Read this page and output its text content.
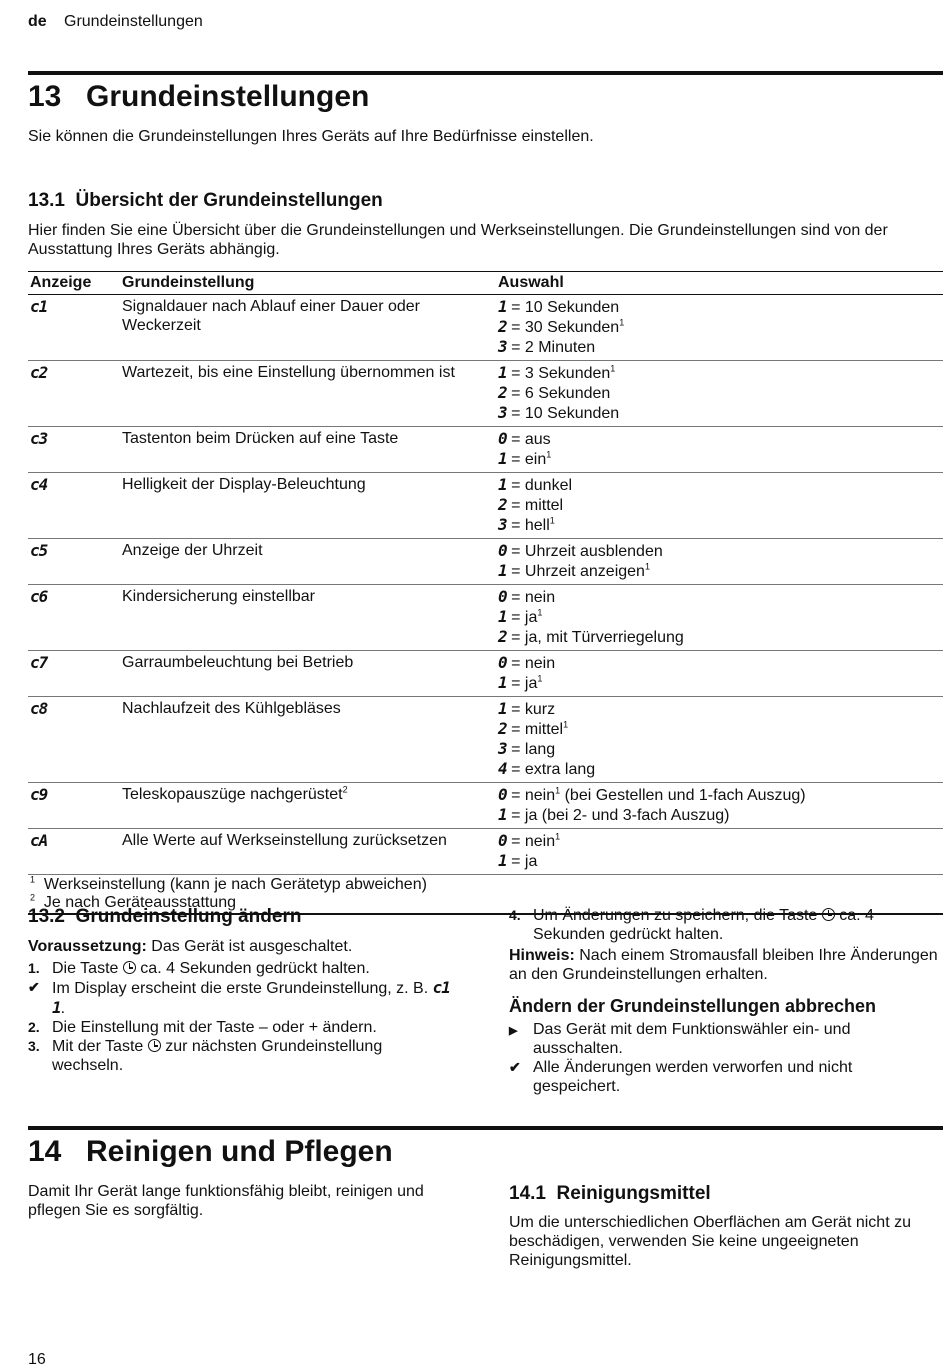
de Grundeinstellungen
13 Grundeinstellungen

Sie können die Grundeinstellungen Ihres Geräts auf Ihre Bedürfnisse einstellen.

13.1 Übersicht der Grundeinstellungen

Hier finden Sie eine Übersicht über die Grundeinstellungen und Werkseinstellungen. Die Grundeinstellungen sind von der Ausstattung Ihres Geräts abhängig.

Anzeige	Grundeinstellung	Auswahl
c1	Signaldauer nach Ablauf einer Dauer oder Weckerzeit	1 = 10 Sekunden
2 = 30 Sekunden$^1$
3 = 2 Minuten

c2	Wartezeit, bis eine Einstellung übernommen ist	1 = 3 Sekunden$^1$
2 = 6 Sekunden
3 = 10 Sekunden

c3	Tastenton beim Drücken auf eine Taste	0 = aus
1 = ein$^1$

c4	Helligkeit der Display-Beleuchtung	1 = dunkel
2 = mittel
3 = hell$^1$

c5	Anzeige der Uhrzeit	0 = Uhrzeit ausblenden
1 = Uhrzeit anzeigen$^1$

c6	Kindersicherung einstellbar	0 = nein
$1 = ja^1$
2 = ja, mit Türverriegelung

c7	Garraumbeleuchtung bei Betrieb	0 = nein
$1 = ja^1$

c8	Nachlaufzeit des Kühlgebläses	1 = kurz
2 = mittel$^1$
3 = lang
4 = extra lang

c9	Teleskopauszüge nachgerüstet$^2$	0 = nein$^1$ (bei Gestellen und 1-fach Auszug)
1 = ja (bei 2- und 3-fach Auszug)

cA	Alle Werte auf Werkseinstellung zurücksetzen	0 = nein$^1$
1 = ja

$^1$ Werkseinstellung (kann je nach Gerätetyp abweichen)
$^2$ Je nach Geräteausstattung		
13.2 Grundeinstellung ändern

Voraussetzung: Das Gerät ist ausgeschaltet.

1. Die Taste  ca. 4 Sekunden gedrückt halten.
✔ Im Display erscheint die erste Grundeinstellung, z. B. c1 1.
2. Die Einstellung mit der Taste – oder + ändern.
3. Mit der Taste  zur nächsten Grundeinstellung wechseln.
4. Um Änderungen zu speichern, die Taste  ca. 4 Sekunden gedrückt halten.

Hinweis: Nach einem Stromausfall bleiben Ihre Änderungen an den Grundeinstellungen erhalten.

Ändern der Grundeinstellungen abbrechen
▶ Das Gerät mit dem Funktionswähler ein- und ausschalten.
✔ Alle Änderungen werden verworfen und nicht gespeichert.
14 Reinigen und Pflegen

Damit Ihr Gerät lange funktionsfähig bleibt, reinigen und pflegen Sie es sorgfältig.

14.1 Reinigungsmittel

Um die unterschiedlichen Oberflächen am Gerät nicht zu beschädigen, verwenden Sie keine ungeeigneten Reinigungsmittel.

16
